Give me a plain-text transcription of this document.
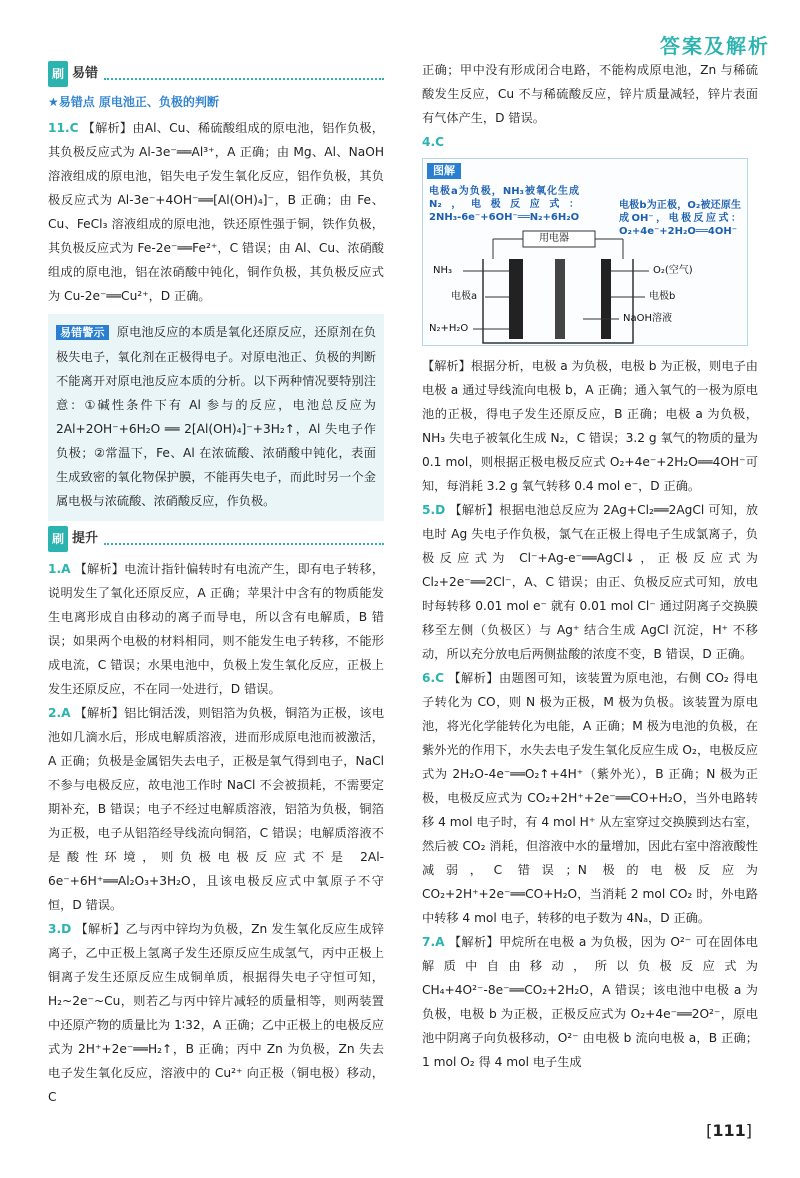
答案及解析
刷 易错
★易错点 原电池正、负极的判断

11.C 【解析】由Al、Cu、稀硫酸组成的原电池，铝作负极，其负极反应式为 Al-3e⁻══Al³⁺，A 正确；由 Mg、Al、NaOH 溶液组成的原电池，铝失电子发生氧化反应，铝作负极，其负极反应式为 Al-3e⁻+4OH⁻══[Al(OH)₄]⁻，B 正确；由 Fe、Cu、FeCl₃ 溶液组成的原电池，铁还原性强于铜，铁作负极，其负极反应式为 Fe-2e⁻══Fe²⁺，C 错误；由 Al、Cu、浓硝酸组成的原电池，铝在浓硝酸中钝化，铜作负极，其负极反应式为 Cu-2e⁻══Cu²⁺，D 正确。

易错警示 原电池反应的本质是氧化还原反应，还原剂在负极失电子，氧化剂在正极得电子。对原电池正、负极的判断不能离开对原电池反应本质的分析。以下两种情况要特别注意：①碱性条件下有 Al 参与的反应，电池总反应为 2Al+2OH⁻+6H₂O ══ 2[Al(OH)₄]⁻+3H₂↑，Al 失电子作负极；②常温下，Fe、Al 在浓硫酸、浓硝酸中钝化，表面生成致密的氧化物保护膜，不能再失电子，而此时另一个金属电极与浓硫酸、浓硝酸反应，作负极。
刷 提升

1.A 【解析】电流计指针偏转时有电流产生，即有电子转移，说明发生了氧化还原反应，A 正确；苹果汁中含有的物质能发生电离形成自由移动的离子而导电，所以含有电解质，B 错误；如果两个电极的材料相同，则不能发生电子转移，不能形成电流，C 错误；水果电池中，负极上发生氧化反应，正极上发生还原反应，不在同一处进行，D 错误。

2.A 【解析】铝比铜活泼，则铝箔为负极，铜箔为正极，该电池如几滴水后，形成电解质溶液，进而形成原电池而被激活，A 正确；负极是金属铝失去电子，正极是氧气得到电子，NaCl 不参与电极反应，故电池工作时 NaCl 不会被损耗，不需要定期补充，B 错误；电子不经过电解质溶液，铝箔为负极，铜箔为正极，电子从铝箔经导线流向铜箔，C 错误；电解质溶液不是酸性环境，则负极电极反应式不是 2Al-6e⁻+6H⁺══Al₂O₃+3H₂O，且该电极反应式中氧原子不守恒，D 错误。

3.D 【解析】乙与丙中锌均为负极，Zn 发生氧化反应生成锌离子，乙中正极上氢离子发生还原反应生成氢气，丙中正极上铜离子发生还原反应生成铜单质，根据得失电子守恒可知，H₂~2e⁻~Cu，则若乙与丙中锌片减轻的质量相等，则两装置中还原产物的质量比为 1∶32，A 正确；乙中正极上的电极反应式为 2H⁺+2e⁻══H₂↑，B 正确；丙中 Zn 为负极，Zn 失去电子发生氧化反应，溶液中的 Cu²⁺ 向正极（铜电极）移动，C

正确；甲中没有形成闭合电路，不能构成原电池，Zn 与稀硫酸发生反应，Cu 不与稀硫酸反应，锌片质量减轻，锌片表面有气体产生，D 错误。

4.C

图解
电极a为负极，NH₃被氧化生成N₂，电极反应式：2NH₃-6e⁻+6OH⁻══N₂+6H₂O
电极b为正极，O₂被还原生成OH⁻，电极反应式：O₂+4e⁻+2H₂O══4OH⁻
用电器
NH₃	O₂(空气)
电极a	电极b
NaOH溶液
N₂+H₂O

【解析】根据分析，电极 a 为负极，电极 b 为正极，则电子由电极 a 通过导线流向电极 b，A 正确；通入氧气的一极为原电池的正极，得电子发生还原反应，B 正确；电极 a 为负极，NH₃ 失电子被氧化生成 N₂，C 错误；3.2 g 氧气的物质的量为 0.1 mol，则根据正极电极反应式 O₂+4e⁻+2H₂O══4OH⁻可知，每消耗 3.2 g 氧气转移 0.4 mol e⁻，D 正确。

5.D 【解析】根据电池总反应为 2Ag+Cl₂══2AgCl 可知，放电时 Ag 失电子作负极，氯气在正极上得电子生成氯离子，负极反应式为 Cl⁻+Ag-e⁻══AgCl↓，正极反应式为 Cl₂+2e⁻══2Cl⁻，A、C 错误；由正、负极反应式可知，放电时每转移 0.01 mol e⁻ 就有 0.01 mol Cl⁻ 通过阴离子交换膜移至左侧（负极区）与 Ag⁺ 结合生成 AgCl 沉淀，H⁺ 不移动，所以充分放电后两侧盐酸的浓度不变，B 错误，D 正确。

6.C 【解析】由题图可知，该装置为原电池，右侧 CO₂ 得电子转化为 CO，则 N 极为正极，M 极为负极。该装置为原电池，将光化学能转化为电能，A 正确；M 极为电池的负极，在紫外光的作用下，水失去电子发生氧化反应生成 O₂，电极反应式为 2H₂O-4e⁻══O₂↑+4H⁺（紫外光），B 正确；N 极为正极，电极反应式为 CO₂+2H⁺+2e⁻══CO+H₂O，当外电路转移 4 mol 电子时，有 4 mol H⁺ 从左室穿过交换膜到达右室，然后被 CO₂ 消耗，但溶液中水的量增加，因此右室中溶液酸性减弱，C 错误；N 极的电极反应为 CO₂+2H⁺+2e⁻══CO+H₂O，当消耗 2 mol CO₂ 时，外电路中转移 4 mol 电子，转移的电子数为 4Nₐ，D 正确。

7.A 【解析】甲烷所在电极 a 为负极，因为 O²⁻ 可在固体电解质中自由移动，所以负极反应式为 CH₄+4O²⁻-8e⁻══CO₂+2H₂O，A 错误；该电池中电极 a 为负极，电极 b 为正极，正极反应式为 O₂+4e⁻══2O²⁻，原电池中阴离子向负极移动，O²⁻ 由电极 b 流向电极 a，B 正确；1 mol O₂ 得 4 mol 电子生成

[111]
